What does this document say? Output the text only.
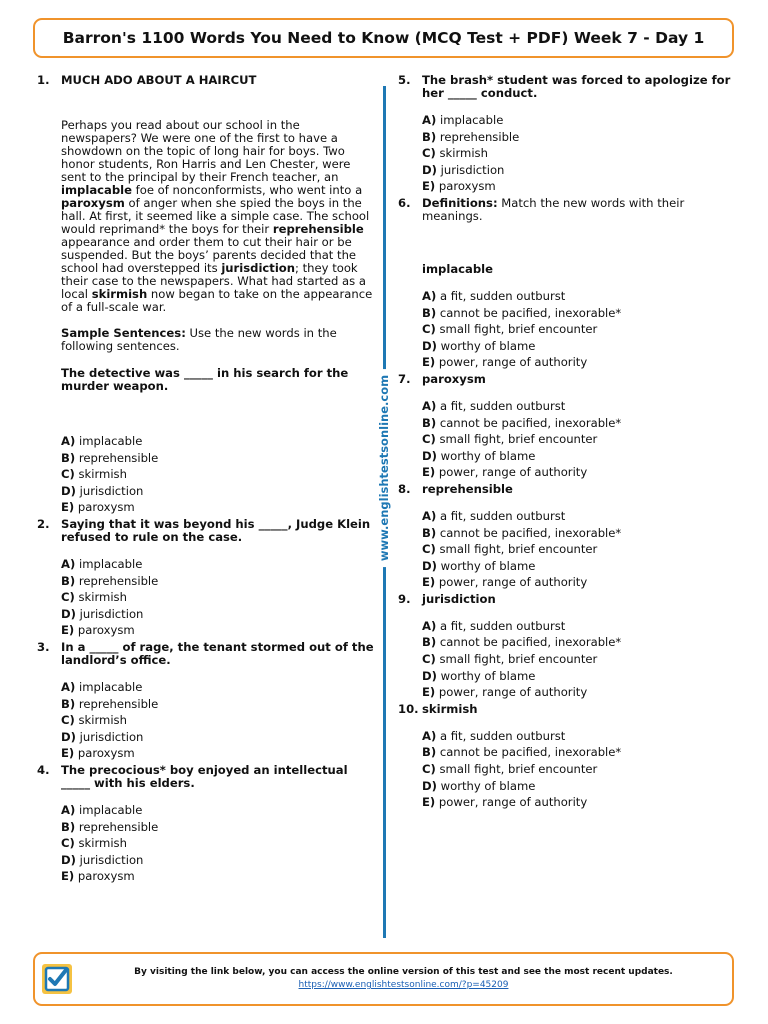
Barron's 1100 Words You Need to Know (MCQ Test + PDF) Week 7 - Day 1
www.englishtestsonline.com
1. MUCH ADO ABOUT A HAIRCUT
Perhaps you read about our school in the newspapers? We were one of the first to have a showdown on the topic of long hair for boys. Two honor students, Ron Harris and Len Chester, were sent to the principal by their French teacher, an implacable foe of nonconformists, who went into a paroxysm of anger when she spied the boys in the hall. At first, it seemed like a simple case. The school would reprimand* the boys for their reprehensible appearance and order them to cut their hair or be suspended. But the boys’ parents decided that the school had overstepped its jurisdiction; they took their case to the newspapers. What had started as a local skirmish now began to take on the appearance of a full-scale war.
Sample Sentences: Use the new words in the following sentences.
The detective was _____ in his search for the murder weapon.
A) implacable
B) reprehensible
C) skirmish
D) jurisdiction
E) paroxysm
2. Saying that it was beyond his _____, Judge Klein refused to rule on the case.
A) implacable
B) reprehensible
C) skirmish
D) jurisdiction
E) paroxysm
3. In a _____ of rage, the tenant stormed out of the landlord’s office.
A) implacable
B) reprehensible
C) skirmish
D) jurisdiction
E) paroxysm
4. The precocious* boy enjoyed an intellectual _____ with his elders.
A) implacable
B) reprehensible
C) skirmish
D) jurisdiction
E) paroxysm
5. The brash* student was forced to apologize for her _____ conduct.
A) implacable
B) reprehensible
C) skirmish
D) jurisdiction
E) paroxysm
6. Definitions: Match the new words with their meanings.
implacable
A) a fit, sudden outburst
B) cannot be pacified, inexorable*
C) small fight, brief encounter
D) worthy of blame
E) power, range of authority
7. paroxysm
A) a fit, sudden outburst
B) cannot be pacified, inexorable*
C) small fight, brief encounter
D) worthy of blame
E) power, range of authority
8. reprehensible
A) a fit, sudden outburst
B) cannot be pacified, inexorable*
C) small fight, brief encounter
D) worthy of blame
E) power, range of authority
9. jurisdiction
A) a fit, sudden outburst
B) cannot be pacified, inexorable*
C) small fight, brief encounter
D) worthy of blame
E) power, range of authority
10. skirmish
A) a fit, sudden outburst
B) cannot be pacified, inexorable*
C) small fight, brief encounter
D) worthy of blame
E) power, range of authority
By visiting the link below, you can access the online version of this test and see the most recent updates.
https://www.englishtestsonline.com/?p=45209
